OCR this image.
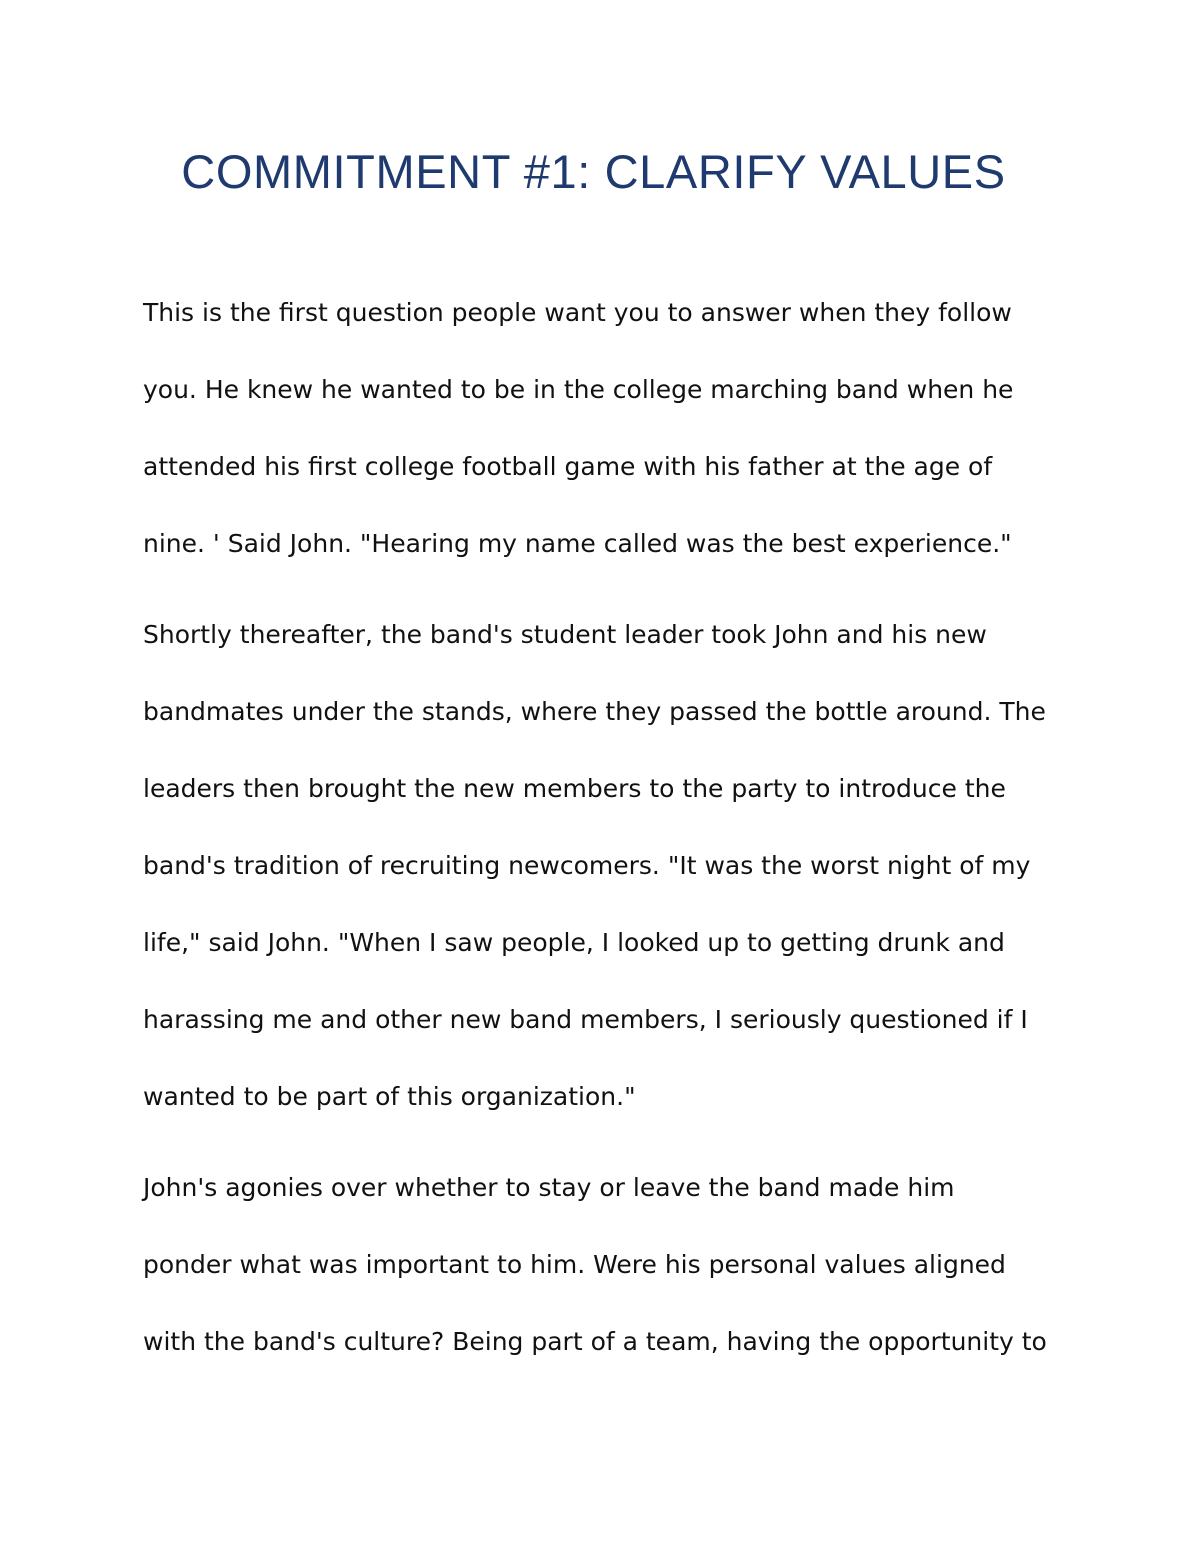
COMMITMENT #1: CLARIFY VALUES

This is the first question people want you to answer when they follow

you. He knew he wanted to be in the college marching band when he

attended his first college football game with his father at the age of

nine. ' Said John. "Hearing my name called was the best experience."

Shortly thereafter, the band's student leader took John and his new

bandmates under the stands, where they passed the bottle around. The

leaders then brought the new members to the party to introduce the

band's tradition of recruiting newcomers. "It was the worst night of my

life," said John. "When I saw people, I looked up to getting drunk and

harassing me and other new band members, I seriously questioned if I

wanted to be part of this organization."

John's agonies over whether to stay or leave the band made him

ponder what was important to him. Were his personal values aligned

with the band's culture? Being part of a team, having the opportunity to
